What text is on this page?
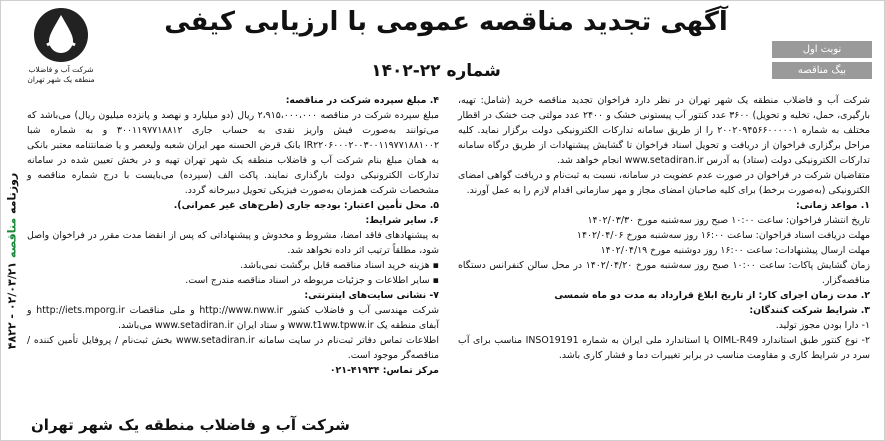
روزنامه مناقصه ۰۲/۰۳/۲۱ - ۴۸۲۲
شرکت آب و فاضلاب منطقه یک شهر تهران
آگهی تجدید مناقصه عمومی با ارزیابی کیفی
شماره ۲۲-۱۴۰۲
نوبت اول
بیگ مناقصه

شرکت آب و فاضلاب منطقه یک شهر تهران در نظر دارد فراخوان تجدید مناقصه خرید (شامل: تهیه، بارگیری، حمل، تخلیه و تحویل) ۳۶۰۰ عدد کنتور آب پیستونی خشک و ۲۴۰۰ عدد مولتی جت خشک در اقطار مختلف به شماره ۲۰۰۲۰۹۴۵۶۶۰۰۰۰۰۱ را از طریق سامانه تدارکات الکترونیکی دولت برگزار نماید. کلیه مراحل برگزاری فراخوان از دریافت و تحویل اسناد فراخوان تا گشایش پیشنهادات از طریق درگاه سامانه تدارکات الکترونیکی دولت (ستاد) به آدرس www.setadiran.ir انجام خواهد شد.

متقاضیان شرکت در فراخوان در صورت عدم عضویت در سامانه، نسبت به ثبت‌نام و دریافت گواهی امضای الکترونیکی (به‌صورت برخط) برای کلیه صاحبان امضای مجاز و مهر سازمانی اقدام لازم را به عمل آورند.

۱. مواعد زمانی:

تاریخ انتشار فراخوان: ساعت ۱۰:۰۰ صبح روز سه‌شنبه مورخ ۱۴۰۲/۰۳/۳۰

مهلت دریافت اسناد فراخوان: ساعت ۱۶:۰۰ روز سه‌شنبه مورخ ۱۴۰۲/۰۴/۰۶

مهلت ارسال پیشنهادات: ساعت ۱۶:۰۰ روز دوشنبه مورخ ۱۴۰۲/۰۴/۱۹

زمان گشایش پاکات: ساعت ۱۰:۰۰ صبح روز سه‌شنبه مورخ ۱۴۰۲/۰۴/۲۰ در محل سالن کنفرانس دستگاه مناقصه‌گزار.

۲. مدت زمان اجرای کار: از تاریخ ابلاغ قرارداد به مدت دو ماه شمسی

۳. شرایط شرکت کنندگان:

۱- دارا بودن مجوز تولید.

۲- نوع کنتور طبق استاندارد OIML-R49 یا استاندارد ملی ایران به شماره INSO19191 مناسب برای آب سرد در شرایط کاری و مقاومت مناسب در برابر تغییرات دما و فشار کاری باشد.

۴. مبلغ سپرده شرکت در مناقصه:

مبلغ سپرده شرکت در مناقصه ۲،۹۱۵،۰۰۰،۰۰۰ ریال (دو میلیارد و نهصد و پانزده میلیون ریال) می‌باشد که می‌توانند به‌صورت فیش واریز نقدی به حساب جاری ۳۰۰۱۱۹۷۷۱۸۸۱۲ و به شماره شبا IR۲۲۰۶۰۰۰۲۰۰۳۰۰۱۱۹۷۷۱۸۸۱۰۰۲ بانک قرض الحسنه مهر ایران شعبه ولیعصر و یا ضمانتنامه معتبر بانکی به همان مبلغ بنام شرکت آب و فاضلاب منطقه یک شهر تهران تهیه و در بخش تعیین شده در سامانه تدارکات الکترونیکی دولت بارگذاری نمایند. پاکت الف (سپرده) می‌بایست با درج شماره مناقصه و مشخصات شرکت همزمان به‌صورت فیزیکی تحویل دبیرخانه گردد.

۵. محل تأمین اعتبار: بودجه جاری (طرح‌های غیر عمرانی).

۶. سایر شرایط:

به پیشنهادهای فاقد امضا، مشروط و مخدوش و پیشنهاداتی که پس از انقضا مدت مقرر در فراخوان واصل شود، مطلقاً ترتیب اثر داده نخواهد شد.

▪ هزینه خرید اسناد مناقصه قابل برگشت نمی‌باشد.

▪ سایر اطلاعات و جزئیات مربوطه در اسناد مناقصه مندرج است.

۷- نشانی سایت‌های اینترنتی:

شرکت مهندسی آب و فاضلاب کشور http://www.nww.ir و ملی مناقصات http://iets.mporg.ir و آبفای منطقه یک www.t1ww.tpww.ir و ستاد ایران www.setadiran.ir می‌باشد.

اطلاعات تماس دفاتر ثبت‌نام در سایت سامانه www.setadiran.ir بخش ثبت‌نام / پروفایل تأمین کننده / مناقصه‌گر موجود است.

مرکز تماس: ۴۱۹۳۴-۰۲۱

شرکت آب و فاضلاب منطقه یک شهر تهران
